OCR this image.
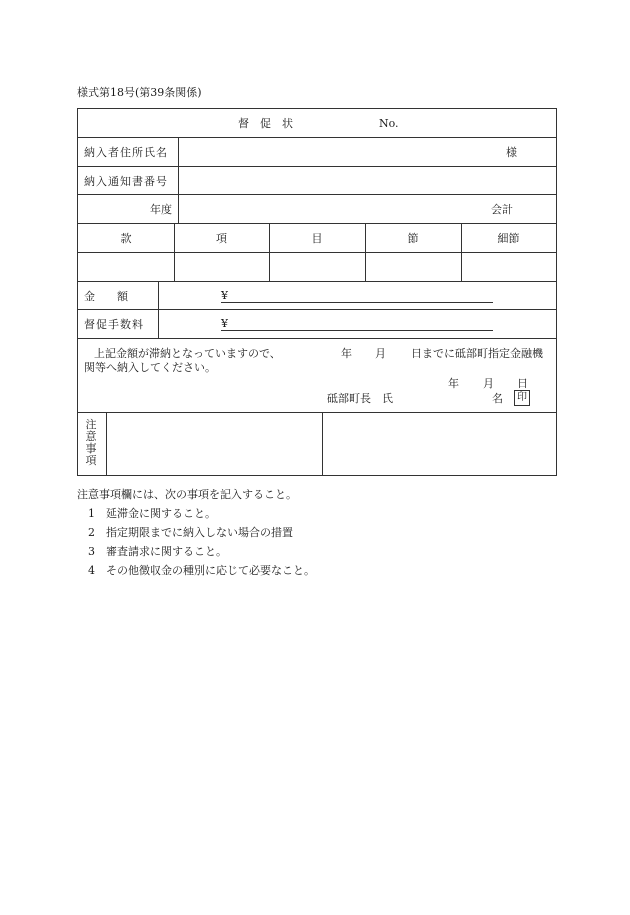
様式第18号(第39条関係)
督　促　状	No.
納入者住所氏名	様
納入通知書番号
年度	会計
款	項	目	節	細節
金　　額	¥
督促手数料	¥
上記金額が滞納となっていますので、	年 月 日までに砥部町指定金融機
関等へ納入してください。
年 月 日
砥部町長　氏	名	印
注意事項
注意事項欄には、次の事項を記入すること。
1 延滞金に関すること。
2 指定期限までに納入しない場合の措置
3 審査請求に関すること。
4 その他徴収金の種別に応じて必要なこと。
